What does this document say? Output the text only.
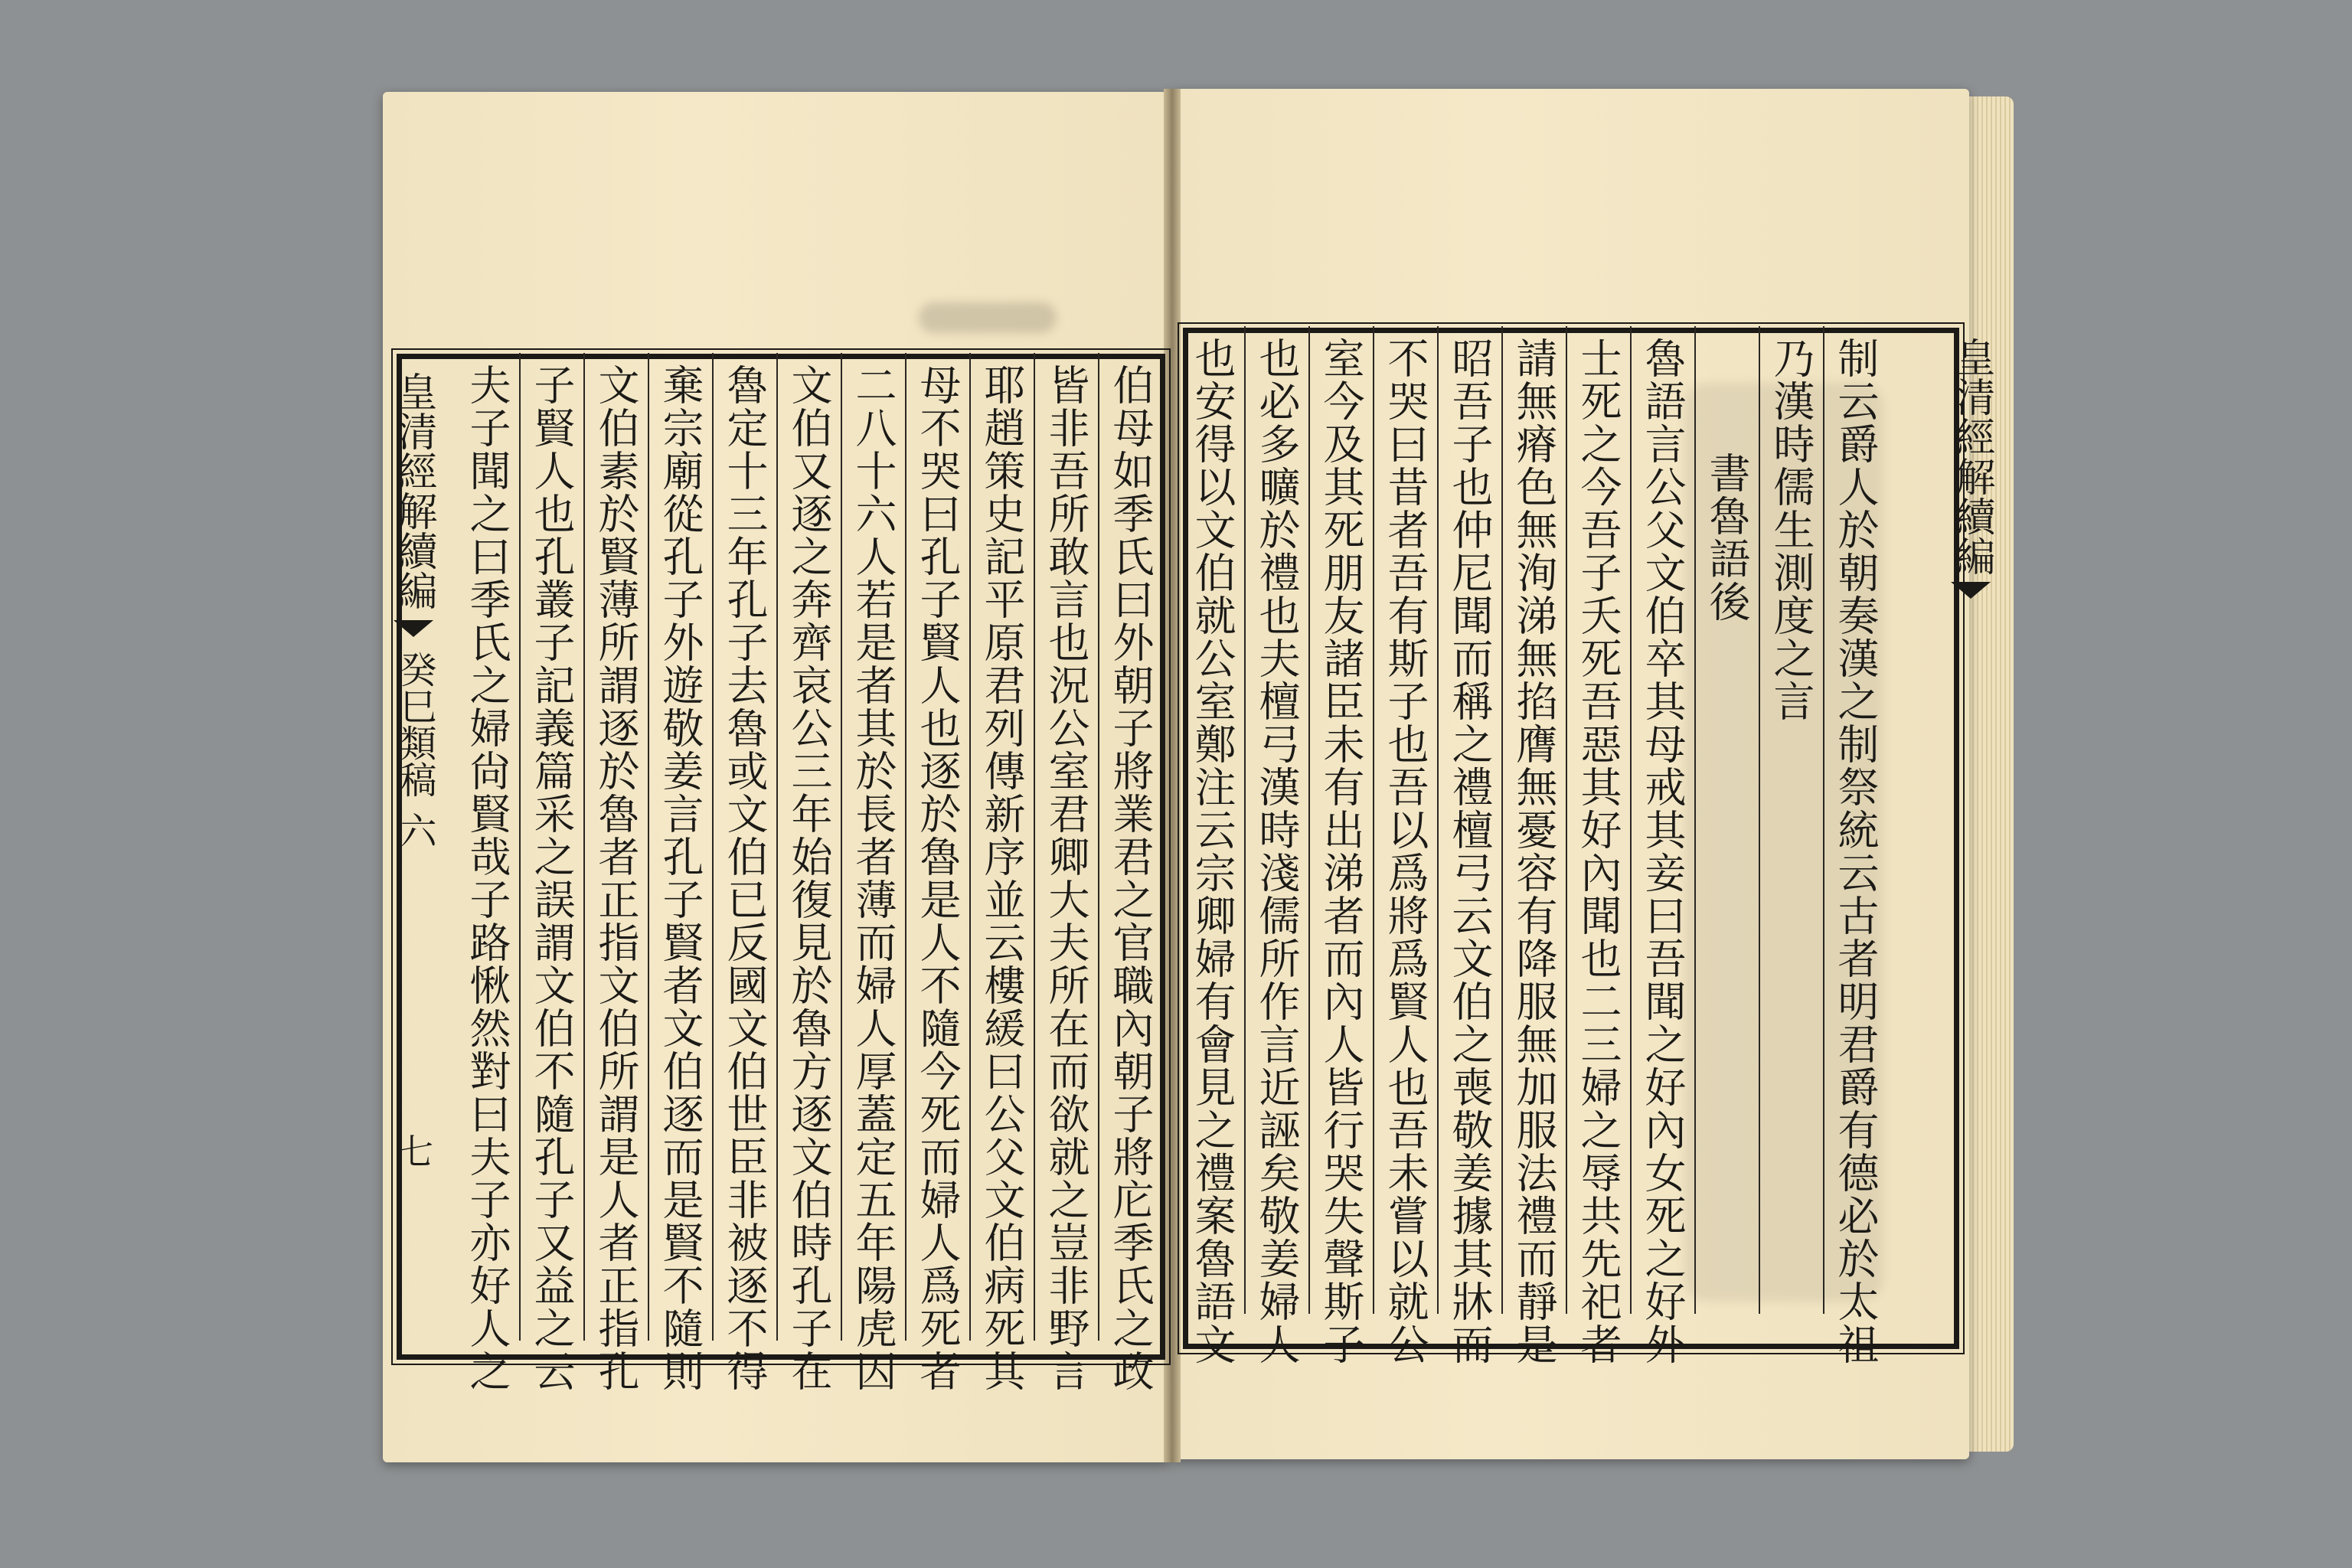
皇清經解續編
癸巳類稿
六
七
皇清經解續編
伯母如季氏曰外朝子將業君之官職內朝子將庀季氏之政
皆非吾所敢言也況公室君卿大夫所在而欲就之豈非野言
耶趙策史記平原君列傳新序並云樓緩曰公父文伯病死其
母不哭曰孔子賢人也逐於魯是人不隨今死而婦人爲死者
二八十六人若是者其於長者薄而婦人厚蓋定五年陽虎囚
文伯又逐之奔齊哀公三年始復見於魯方逐文伯時孔子在
魯定十三年孔子去魯或文伯已反國文伯世臣非被逐不得
棄宗廟從孔子外遊敬姜言孔子賢者文伯逐而是賢不隨則
文伯素於賢薄所謂逐於魯者正指文伯所謂是人者正指孔
子賢人也孔叢子記義篇采之誤謂文伯不隨孔子又益之云
夫子聞之曰季氏之婦尙賢哉子路愀然對曰夫子亦好人之	制云爵人於朝奏漢之制祭統云古者明君爵有德必於太祖
乃漢時儒生測度之言
書魯語後
魯語言公父文伯卒其母戒其妾曰吾聞之好內女死之好外
士死之今吾子夭死吾惡其好內聞也二三婦之辱共先祀者
請無瘠色無洵涕無掐膺無憂容有降服無加服法禮而靜是
昭吾子也仲尼聞而稱之禮檀弓云文伯之喪敬姜據其牀而
不哭曰昔者吾有斯子也吾以爲將爲賢人也吾未嘗以就公
室今及其死朋友諸臣未有出涕者而內人皆行哭失聲斯子
也必多曠於禮也夫檀弓漢時淺儒所作言近誣矣敬姜婦人
也安得以文伯就公室鄭注云宗卿婦有會見之禮案魯語文
